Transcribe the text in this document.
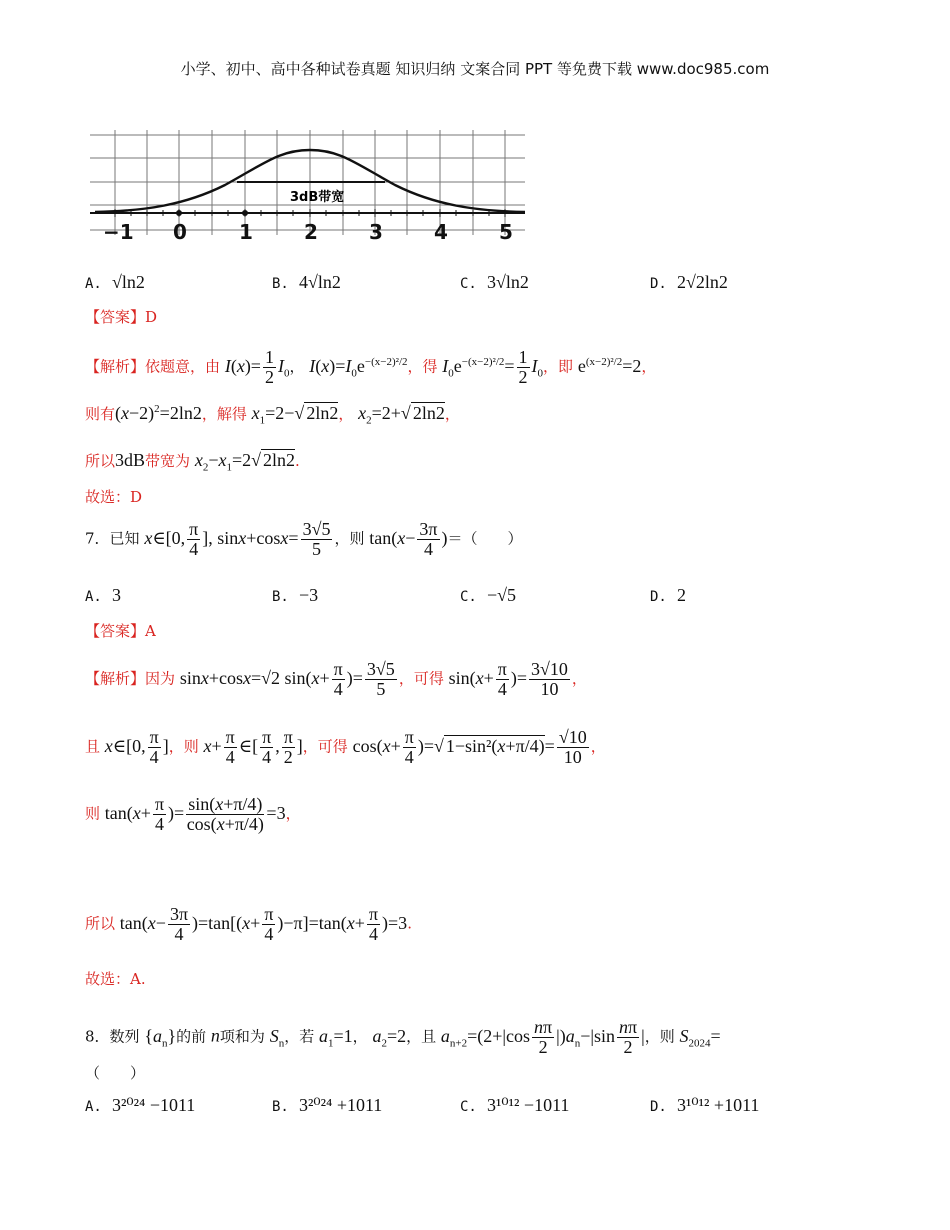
小学、初中、高中各种试卷真题 知识归纳 文案合同 PPT 等免费下载 www.doc985.com
3dB带宽
−1 0	1	2	3	4	5
A. √ln2	B. 4√ln2	C. 3√ln2	D. 2√2ln2
【答案】D
【解析】依题意，由 $I(x)= \frac{1}{2} I_0$， $I(x)=I_0e^{-(x-2)^2/2}$，得 $I_0e^{-(x-2)^2/2}= \frac{1}{2} I_0$，即 $e^{(x-2)^2/2}=2$，
则有$(x-2)^2=2\ln 2$，解得 $x_1=2-√$ 2ln2， $x_2=2+√$ 2ln2，
所以3dB带宽为 $x_2-x_1=2√$ 2ln2.
故选：D
7．已知 x∈[0, $\frac{\pi}{4}$ ], $\sin x+\cos x= \frac{3√5}{5}$ ，则 $\tan(x- \frac{3\pi}{4}$ )＝（　　）
A. 3	B. −3	C. −√5	D. 2
【答案】A
【解析】因为 sinx+cosx=√2 $\sin(x+ \frac{\pi}{4}$ )= $\frac{3√5}{5}$ ，可得 $\sin(x+ \frac{\pi}{4}$ )= $\frac{3√10}{10}$ ，
且 x∈[0, $\frac{\pi}{4}$ ]，则 $x+ \frac{\pi}{4}$ ∈[ $\frac{\pi}{4}$ , $\frac{\pi}{2}$ ]，可得 $\cos(x+ \frac{\pi}{4}$ )=√ $1-\sin^2(x+\pi/4)= \frac{√10}{10}$ ，
则 $\tan(x+ \frac{\pi}{4}$ )= $\frac{\sin(x+\pi/4)}{\cos(x+\pi/4)} =3$，
所以 $\tan(x- \frac{3\pi}{4} )=\tan[(x+ \frac{\pi}{4} )-\pi]=\tan(x+ \frac{\pi}{4} )=3$.
故选：A.
8．数列 $\{a_n\}$的前 n项和为 $S_n$，若 $a_1=1$， $a_2=2$，且 $a_{n+2}=(2+|\cos \frac{n\pi}{2} |)a_n-|\sin \frac{n\pi}{2}$ |，则 $S_{2024}=$
（　　）
A. 3²⁰²⁴ −1011	B. 3²⁰²⁴ +1011	C. 3¹⁰¹² −1011	D. 3¹⁰¹² +1011
